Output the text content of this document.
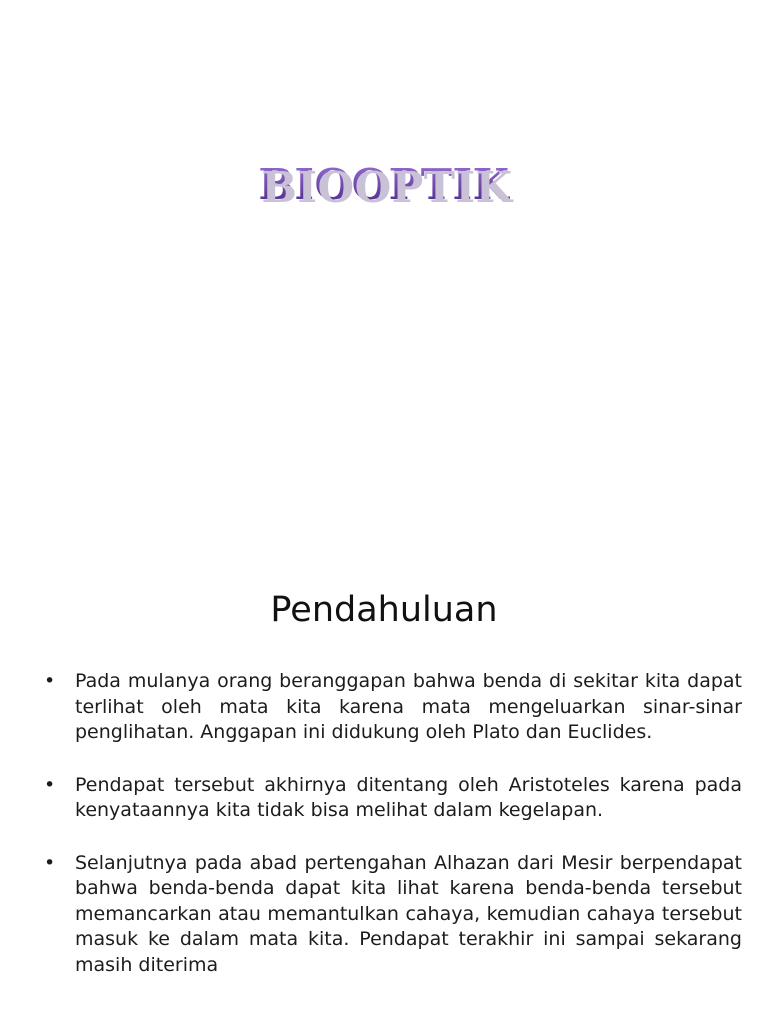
BIOOPTIK
Pendahuluan
• Pada mulanya orang beranggapan bahwa benda di sekitar kita dapat terlihat oleh mata kita karena mata mengeluarkan sinar-sinar penglihatan. Anggapan ini didukung oleh Plato dan Euclides.
• Pendapat tersebut akhirnya ditentang oleh Aristoteles karena pada kenyataannya kita tidak bisa melihat dalam kegelapan.
• Selanjutnya pada abad pertengahan Alhazan dari Mesir berpendapat bahwa benda-benda dapat kita lihat karena benda-benda tersebut memancarkan atau memantulkan cahaya, kemudian cahaya tersebut masuk ke dalam mata kita. Pendapat terakhir ini sampai sekarang masih diterima
